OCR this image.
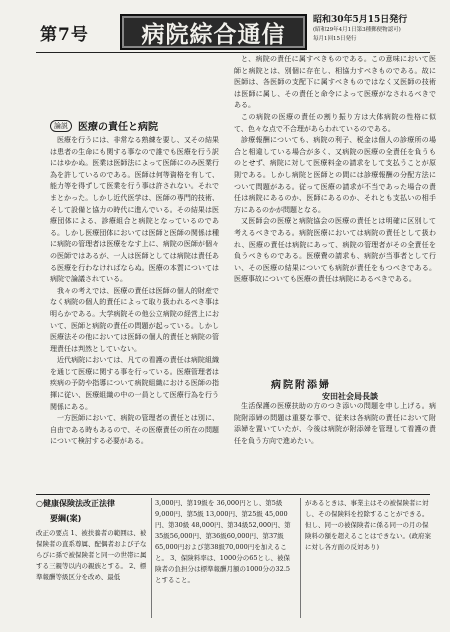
第7号	病院綜合通信
昭和30年5月15日発行
(昭和29年4月1日第3種郵便物認可)
毎月1回15日発行
論説	医療の責任と病院

医療を行うには、非常なる熟練を要し、又その結果は患者の生命にも関する事なので誰でも医療を行う訳にはゆかぬ。医業は医師法によって医師にのみ医業行為を許しているのである。医師は何等資格を有して、能力等を得ずして医業を行う事は許されない。それでまとかった。しかし近代医学は、医師の専門的技術、そして設備と協力の時代に進んでいる。その結果は医療団体による、診療組合と病院となっているのである。しかし医療団体においては医師と医師の関係は種に病院の管理者は医療をなす上に、病院の医師が個々の医師ではあるが、一人は医師としては病院は責任ある医療を行わなければならぬ。医療の本質については病院で論議されている。

我々の考えでは、医療の責任は医師の個人的財産でなく病院の個人的責任によって取り扱われるべき事は明らかである。大学病院その他公立病院の経営上において、医師と病院の責任の問題が起っている。しかし医療法その他においては医師の個人的責任と病院の管理責任は判然としていない。

近代病院においては、凡ての看護の責任は病院組織を通じて医療に関する事を行っている。医療管理者は疾病の予防や指導について病院組織における医師の指揮に従い、医療組織の中の一員として医療行為を行う関係にある。

一方医師において、病院の管理者の責任とは別に、自由である時もあるので、その医療責任の所在の問題について検討する必要がある。

と、病院の責任に属すべきものである。この意味において医師と病院とは、別個に存在し、相協力すべきものである。故に医師は、各医師の支配下に属すべきものではなく又医師の技術は医師に属し、その責任と命令によって医療がなされるべきである。

この病院の医療の責任の割り振り方は大体病院の性格に似て、色々な点で不合理があらわれているのである。

診療報酬についても、病院の利子、税金は個人の診療所の場合と相違している場合が多く、又病院の医療の全責任を負うものとせず、病院に対して医療料金の請求をして支払うことが原則である。しかし病院と医師との間には診療報酬の分配方法について問題がある。従って医療の請求が不当であった場合の責任は病院にあるのか、医師にあるのか、それとも支払いの相手方にあるのかが問題となる。

又医師会の医療と病院協会の医療の責任とは明確に区別して考えるべきである。病院医療においては病院の責任として扱われ、医療の責任は病院にあって、病院の管理者がその全責任を負うべきものである。医療費の請求も、病院が当事者として行い、その医療の結果についても病院が責任をもつべきである。医療事故についても医療の責任は病院にあるべきである。

病院附添婦
安田社会局長談

生活保護の医療扶助の方のつき添いの問題を申し上げる。病院附添婦の問題は重要な事で、従来は各病院の責任において附添婦を置いていたが、今後は病院が附添婦を管理して看護の責任を負う方向で進めたい。

○健康保険法改正法律
要綱(案)
改正の要点 1、被扶養者の範囲は、被保険者の直系尊属、配偶者および子ならびに孫で被保険者と同一の世帯に属する三親等以内の親族とする。 2、標準報酬等級区分を改め、最低
3,000円、第19級を 36,000円とし、第5級9,000円、第5級 13,000円、第25級 45,000円、第30級 48,000円、第34級52,000円、第35級56,000円、第36級60,000円、第37級65,000円および第38級70,000円を加えること。 3、保険料率は、1000分の65とし、被保険者の負担分は標準報酬月額の1000分の32.5とすること。
があるときは、事業主はその被保険者に対し、その保険料を控除することができる。但し、同一の被保険者に係る同一の月の保険料の額を超えることはできない。(政府案に対し各方面の反対あり)
